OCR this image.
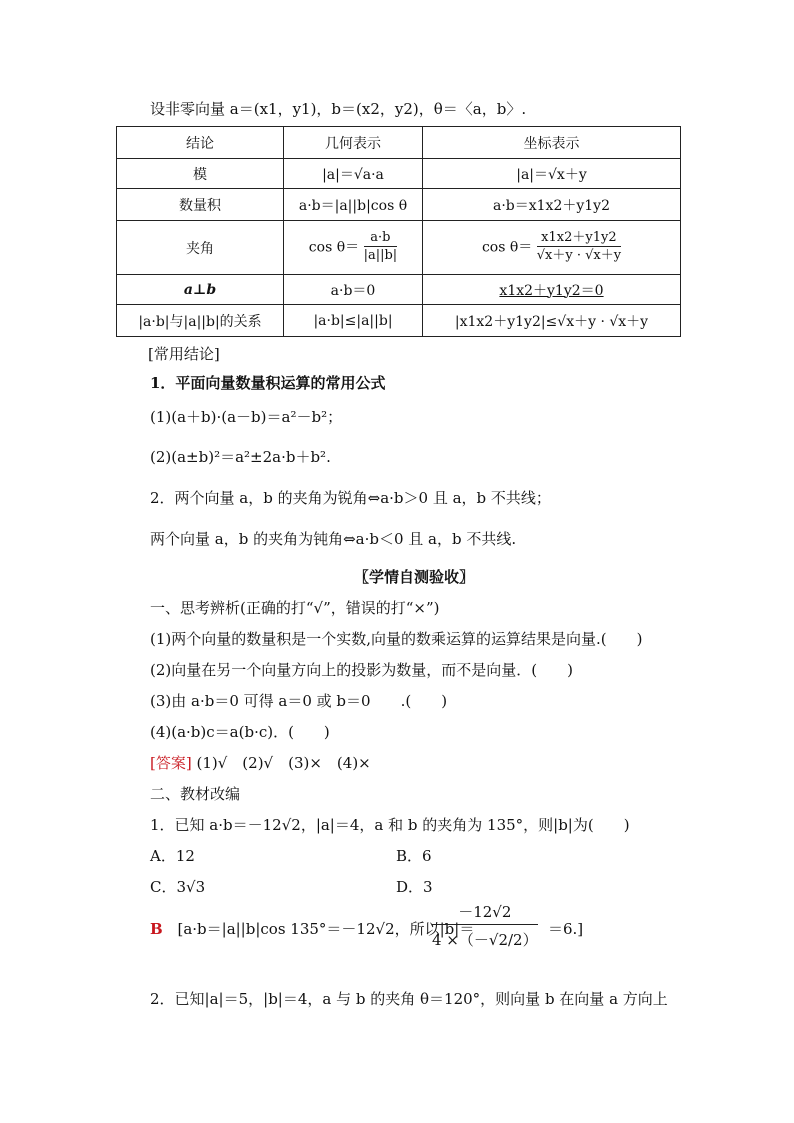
设非零向量 a＝(x1，y1)，b＝(x2，y2)，θ＝〈a，b〉.
结论	几何表示	坐标表示
模	|a|＝√a·a	|a|＝√x＋y
数量积	a·b＝|a||b|cos θ	a·b＝x1x2＋y1y2
夹角	$\cos \theta= \frac{a\cdot b}{|a||b|}$	$\cos \theta= \frac{x1x2+y1y2}{√x+y \cdot √x+y}$

a⊥b	a·b＝0	x1x2＋y1y2＝0
|a·b|与|a||b|的关系	|a·b|≤|a||b|	|x1x2＋y1y2|≤√x＋y · √x＋y
[常用结论]
1．平面向量数量积运算的常用公式
(1)(a＋b)·(a－b)＝a²－b²；
(2)(a±b)²＝a²±2a·b＋b².
2．两个向量 a，b 的夹角为锐角⇔a·b＞0 且 a，b 不共线；
两个向量 a，b 的夹角为钝角⇔a·b＜0 且 a，b 不共线.
〖学情自测验收〗
一、思考辨析(正确的打“√”，错误的打“×”)
(1)两个向量的数量积是一个实数,向量的数乘运算的运算结果是向量.(　　)
(2)向量在另一个向量方向上的投影为数量，而不是向量．(　　)
(3)由 a·b＝0 可得 a＝0 或 b＝0　　.(　　)
(4)(a·b)c＝a(b·c)．(　　)
[答案] (1)√　(2)√　(3)×　(4)×
二、教材改编
1．已知 a·b＝－12√2，|a|＝4，a 和 b 的夹角为 135°，则|b|为(　　)
A．12	B．6
C．3√3	D．3
B [a·b＝|a||b|cos 135°＝－12√2，所以|b|＝
$\frac{-12√2}{4 \times(-√2/2)} =6$.]
2．已知|a|＝5，|b|＝4，a 与 b 的夹角 θ＝120°，则向量 b 在向量 a 方向上
